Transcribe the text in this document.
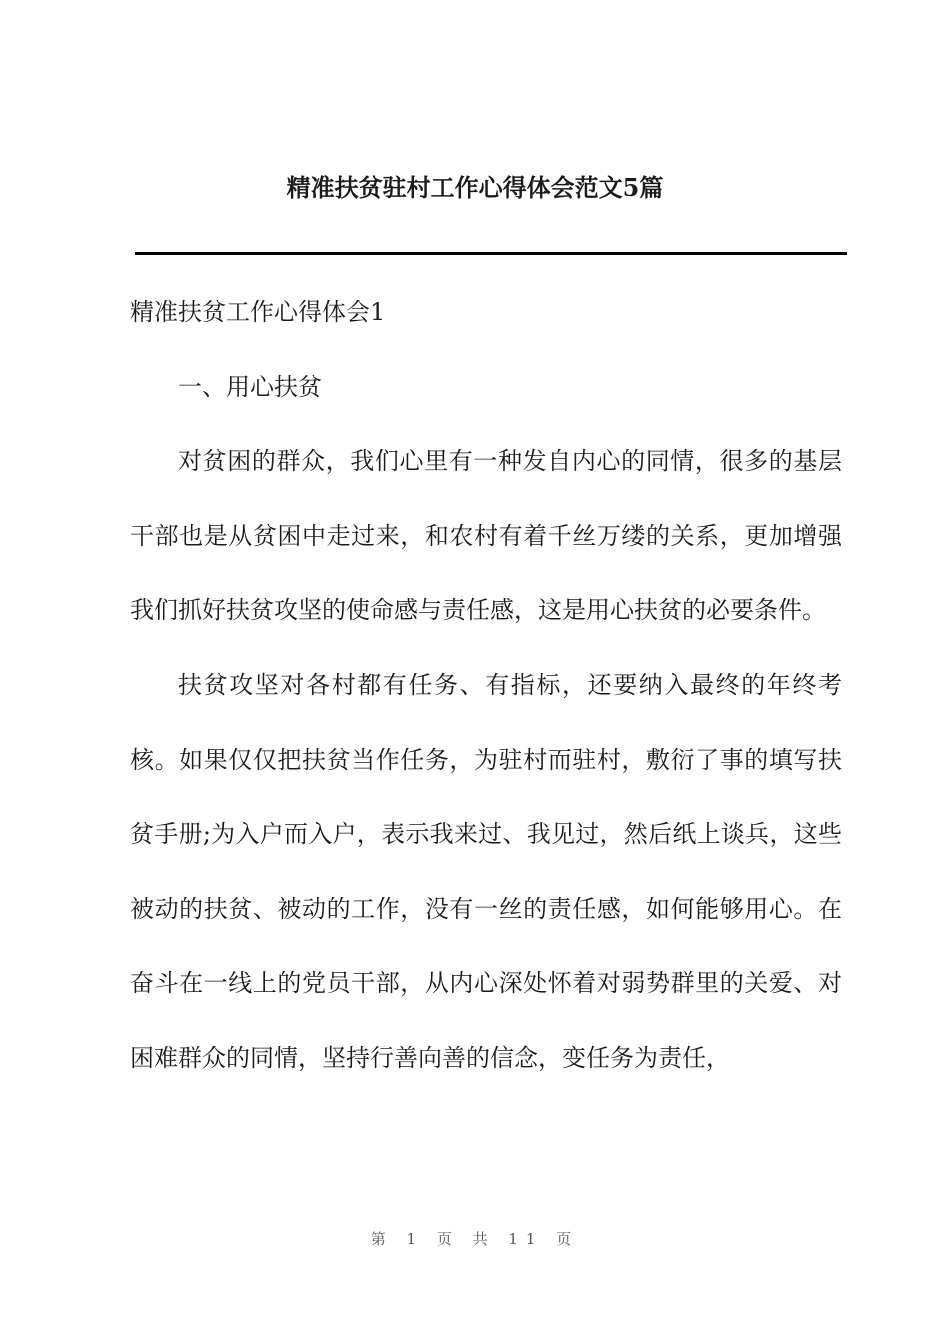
精准扶贫驻村工作心得体会范文5篇

精准扶贫工作心得体会1

一、用心扶贫

对贫困的群众，我们心里有一种发自内心的同情，很多的基层干部也是从贫困中走过来，和农村有着千丝万缕的关系，更加增强我们抓好扶贫攻坚的使命感与责任感，这是用心扶贫的必要条件。

扶贫攻坚对各村都有任务、有指标，还要纳入最终的年终考核。如果仅仅把扶贫当作任务，为驻村而驻村，敷衍了事的填写扶贫手册;为入户而入户，表示我来过、我见过，然后纸上谈兵，这些被动的扶贫、被动的工作，没有一丝的责任感，如何能够用心。在奋斗在一线上的党员干部，从内心深处怀着对弱势群里的关爱、对困难群众的同情，坚持行善向善的信念，变任务为责任，

第 1 页 共 11 页
